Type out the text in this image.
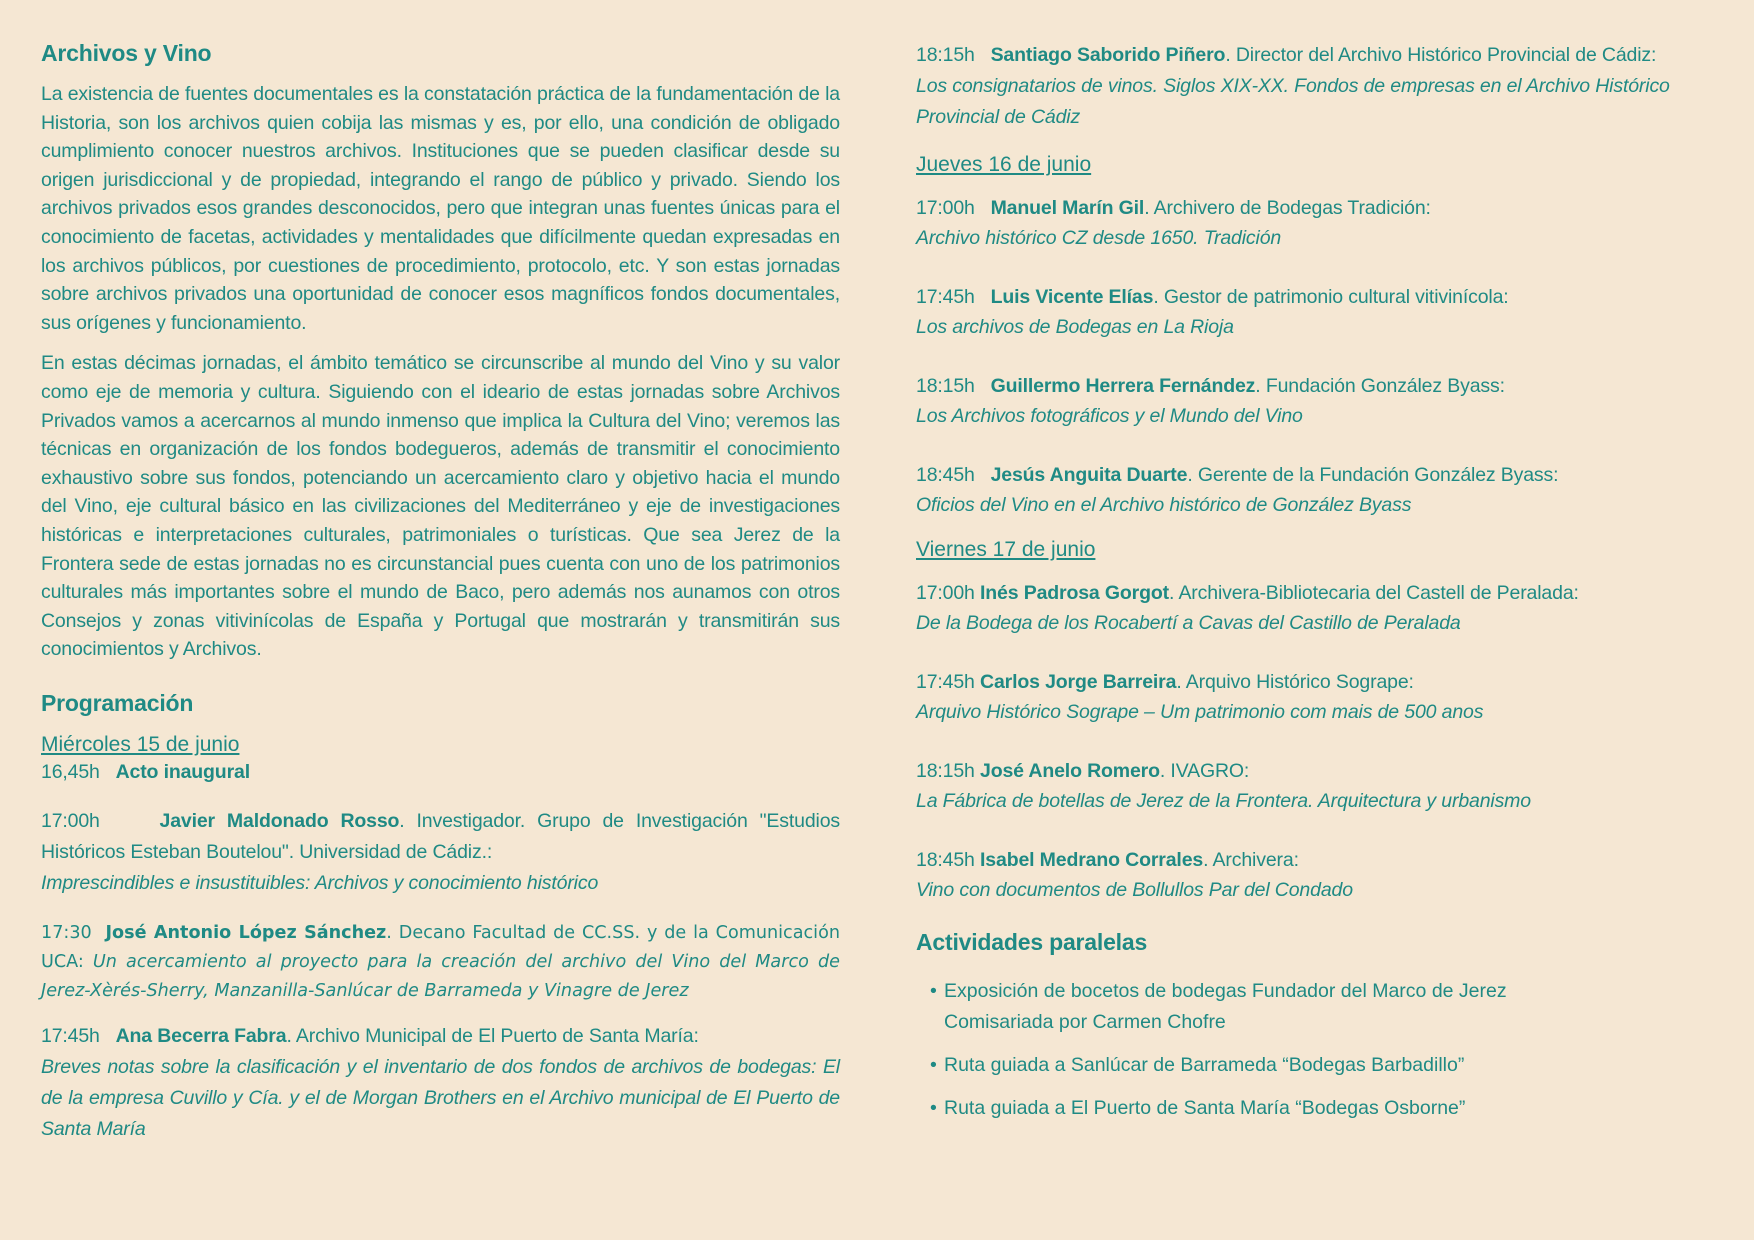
Archivos y Vino

La existencia de fuentes documentales es la constatación práctica de la fundamentación de la Historia, son los archivos quien cobija las mismas y es, por ello, una condición de obligado cumplimiento conocer nuestros archivos. Instituciones que se pueden clasificar desde su origen jurisdiccional y de propiedad, integrando el rango de público y privado. Siendo los archivos privados esos grandes desconocidos, pero que integran unas fuentes únicas para el conocimiento de facetas, actividades y mentalidades que difícilmente quedan expresadas en los archivos públicos, por cuestiones de procedimiento, protocolo, etc. Y son estas jornadas sobre archivos privados una oportunidad de conocer esos magníficos fondos documentales, sus orígenes y funcionamiento.

En estas décimas jornadas, el ámbito temático se circunscribe al mundo del Vino y su valor como eje de memoria y cultura. Siguiendo con el ideario de estas jornadas sobre Archivos Privados vamos a acercarnos al mundo inmenso que implica la Cultura del Vino; veremos las técnicas en organización de los fondos bodegueros, además de transmitir el conocimiento exhaustivo sobre sus fondos, potenciando un acercamiento claro y objetivo hacia el mundo del Vino, eje cultural básico en las civilizaciones del Mediterráneo y eje de investigaciones históricas e interpretaciones culturales, patrimoniales o turísticas. Que sea Jerez de la Frontera sede de estas jornadas no es circunstancial pues cuenta con uno de los patrimonios culturales más importantes sobre el mundo de Baco, pero además nos aunamos con otros Consejos y zonas vitivinícolas de España y Portugal que mostrarán y transmitirán sus conocimientos y Archivos.

Programación
Miércoles 15 de junio
16,45h Acto inaugural
17:00h	Javier Maldonado Rosso. Investigador. Grupo de Investigación "Estudios Históricos Esteban Boutelou". Universidad de Cádiz.:
Imprescindibles e insustituibles: Archivos y conocimiento histórico
17:30 José Antonio López Sánchez. Decano Facultad de CC.SS. y de la Comunicación UCA: Un acercamiento al proyecto para la creación del archivo del Vino del Marco de Jerez-Xèrés-Sherry, Manzanilla-Sanlúcar de Barrameda y Vinagre de Jerez
17:45h Ana Becerra Fabra. Archivo Municipal de El Puerto de Santa María:
Breves notas sobre la clasificación y el inventario de dos fondos de archivos de bodegas: El de la empresa Cuvillo y Cía. y el de Morgan Brothers en el Archivo municipal de El Puerto de Santa María
18:15h Santiago Saborido Piñero. Director del Archivo Histórico Provincial de Cádiz:
Los consignatarios de vinos. Siglos XIX-XX. Fondos de empresas en el Archivo Histórico Provincial de Cádiz
Jueves 16 de junio
17:00h Manuel Marín Gil. Archivero de Bodegas Tradición:
Archivo histórico CZ desde 1650. Tradición
17:45h Luis Vicente Elías. Gestor de patrimonio cultural vitivinícola:
Los archivos de Bodegas en La Rioja
18:15h Guillermo Herrera Fernández. Fundación González Byass:
Los Archivos fotográficos y el Mundo del Vino
18:45h Jesús Anguita Duarte. Gerente de la Fundación González Byass:
Oficios del Vino en el Archivo histórico de González Byass
Viernes 17 de junio
17:00h Inés Padrosa Gorgot. Archivera-Bibliotecaria del Castell de Peralada:
De la Bodega de los Rocabertí a Cavas del Castillo de Peralada
17:45h Carlos Jorge Barreira. Arquivo Histórico Sogrape:
Arquivo Histórico Sogrape – Um patrimonio com mais de 500 anos
18:15h José Anelo Romero. IVAGRO:
La Fábrica de botellas de Jerez de la Frontera. Arquitectura y urbanismo
18:45h Isabel Medrano Corrales. Archivera:
Vino con documentos de Bollullos Par del Condado
Actividades paralelas
• Exposición de bocetos de bodegas Fundador del Marco de Jerez
Comisariada por Carmen Chofre
• Ruta guiada a Sanlúcar de Barrameda “Bodegas Barbadillo”
• Ruta guiada a El Puerto de Santa María “Bodegas Osborne”
